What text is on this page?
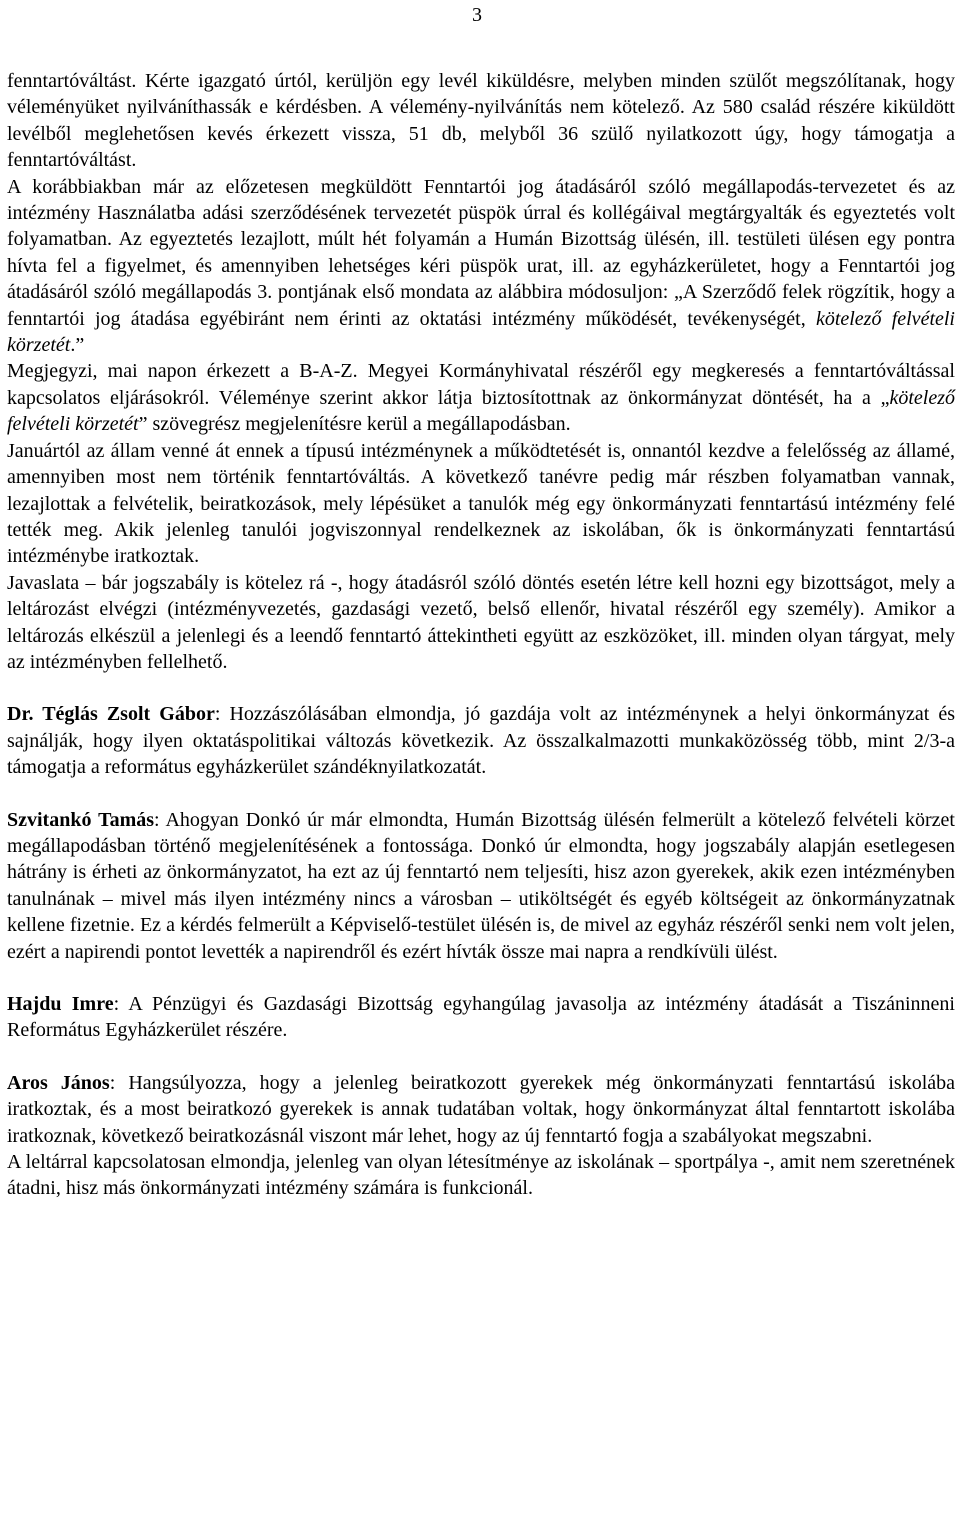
3

fenntartóváltást. Kérte igazgató úrtól, kerüljön egy levél kiküldésre, melyben minden szülőt megszólítanak, hogy véleményüket nyilváníthassák e kérdésben. A vélemény-nyilvánítás nem kötelező. Az 580 család részére kiküldött levélből meglehetősen kevés érkezett vissza, 51 db, melyből 36 szülő nyilatkozott úgy, hogy támogatja a fenntartóváltást.

A korábbiakban már az előzetesen megküldött Fenntartói jog átadásáról szóló megállapodás-tervezetet és az intézmény Használatba adási szerződésének tervezetét püspök úrral és kollégáival megtárgyalták és egyeztetés volt folyamatban. Az egyeztetés lezajlott, múlt hét folyamán a Humán Bizottság ülésén, ill. testületi ülésen egy pontra hívta fel a figyelmet, és amennyiben lehetséges kéri püspök urat, ill. az egyházkerületet, hogy a Fenntartói jog átadásáról szóló megállapodás 3. pontjának első mondata az alábbira módosuljon: „A Szerződő felek rögzítik, hogy a fenntartói jog átadása egyébiránt nem érinti az oktatási intézmény működését, tevékenységét, kötelező felvételi körzetét.”

Megjegyzi, mai napon érkezett a B-A-Z. Megyei Kormányhivatal részéről egy megkeresés a fenntartóváltással kapcsolatos eljárásokról. Véleménye szerint akkor látja biztosítottnak az önkormányzat döntését, ha a „kötelező felvételi körzetét” szövegrész megjelenítésre kerül a megállapodásban.

Januártól az állam venné át ennek a típusú intézménynek a működtetését is, onnantól kezdve a felelősség az államé, amennyiben most nem történik fenntartóváltás. A következő tanévre pedig már részben folyamatban vannak, lezajlottak a felvételik, beiratkozások, mely lépésüket a tanulók még egy önkormányzati fenntartású intézmény felé tették meg. Akik jelenleg tanulói jogviszonnyal rendelkeznek az iskolában, ők is önkormányzati fenntartású intézménybe iratkoztak.

Javaslata – bár jogszabály is kötelez rá -, hogy átadásról szóló döntés esetén létre kell hozni egy bizottságot, mely a leltározást elvégzi (intézményvezetés, gazdasági vezető, belső ellenőr, hivatal részéről egy személy). Amikor a leltározás elkészül a jelenlegi és a leendő fenntartó áttekintheti együtt az eszközöket, ill. minden olyan tárgyat, mely az intézményben fellelhető.

Dr. Téglás Zsolt Gábor: Hozzászólásában elmondja, jó gazdája volt az intézménynek a helyi önkormányzat és sajnálják, hogy ilyen oktatáspolitikai változás következik. Az összalkalmazotti munkaközösség több, mint 2/3-a támogatja a református egyházkerület szándéknyilatkozatát.

Szvitankó Tamás: Ahogyan Donkó úr már elmondta, Humán Bizottság ülésén felmerült a kötelező felvételi körzet megállapodásban történő megjelenítésének a fontossága. Donkó úr elmondta, hogy jogszabály alapján esetlegesen hátrány is érheti az önkormányzatot, ha ezt az új fenntartó nem teljesíti, hisz azon gyerekek, akik ezen intézményben tanulnának – mivel más ilyen intézmény nincs a városban – utiköltségét és egyéb költségeit az önkormányzatnak kellene fizetnie. Ez a kérdés felmerült a Képviselő-testület ülésén is, de mivel az egyház részéről senki nem volt jelen, ezért a napirendi pontot levették a napirendről és ezért hívták össze mai napra a rendkívüli ülést.

Hajdu Imre: A Pénzügyi és Gazdasági Bizottság egyhangúlag javasolja az intézmény átadását a Tiszáninneni Református Egyházkerület részére.

Aros János: Hangsúlyozza, hogy a jelenleg beiratkozott gyerekek még önkormányzati fenntartású iskolába iratkoztak, és a most beiratkozó gyerekek is annak tudatában voltak, hogy önkormányzat által fenntartott iskolába iratkoznak, következő beiratkozásnál viszont már lehet, hogy az új fenntartó fogja a szabályokat megszabni.

A leltárral kapcsolatosan elmondja, jelenleg van olyan létesítménye az iskolának – sportpálya -, amit nem szeretnének átadni, hisz más önkormányzati intézmény számára is funkcionál.
